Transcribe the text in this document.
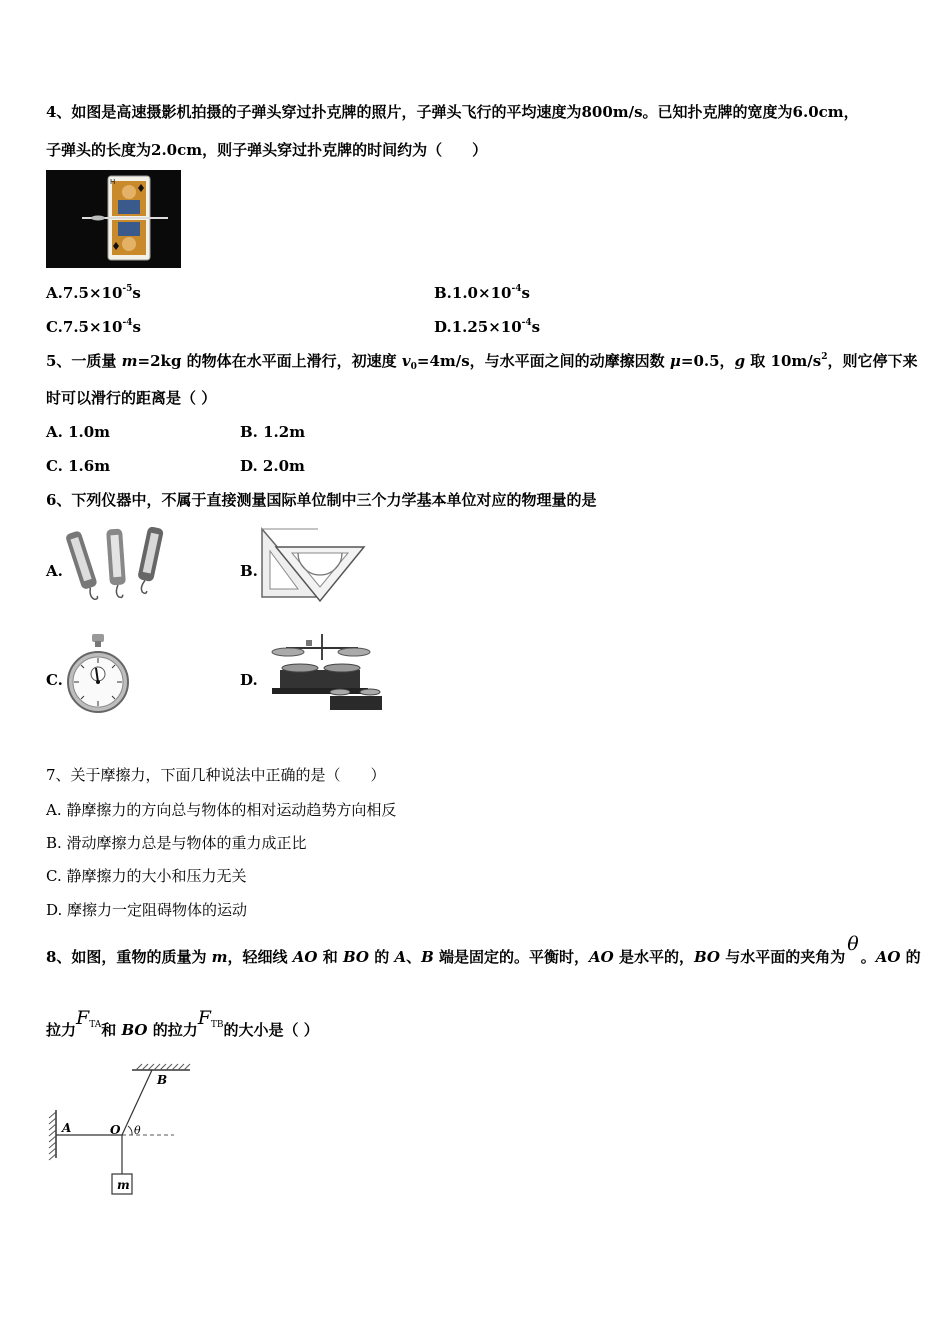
4、如图是高速摄影机拍摄的子弹头穿过扑克牌的照片，子弹头飞行的平均速度为800m/s。已知扑克牌的宽度为6.0cm，
子弹头的长度为2.0cm，则子弹头穿过扑克牌的时间约为（　　）
H
$A.7.5\times 10^{-5}s$	$B.1.0\times 10^{-4}s$
$C.7.5\times 10^{-4}s$	$D.1.25\times 10^{-4}s$
5、一质量 m=2kg 的物体在水平面上滑行，初速度 $v_0=4m/s$，与水平面之间的动摩擦因数 μ=0.5，g 取 $10m/s^2$，则它停下来
时可以滑行的距离是（ ）
A. 1.0m	B. 1.2m
C. 1.6m	D. 2.0m
6、下列仪器中，不属于直接测量国际单位制中三个力学基本单位对应的物理量的是
A.	B.
C.	D.
7、关于摩擦力，下面几种说法中正确的是（　　）
A. 静摩擦力的方向总与物体的相对运动趋势方向相反
B. 滑动摩擦力总是与物体的重力成正比
C. 静摩擦力的大小和压力无关
D. 摩擦力一定阻碍物体的运动
8、如图，重物的质量为 m，轻细线 AO 和 BO 的 A、B 端是固定的。平衡时，AO 是水平的，BO 与水平面的夹角为θ。AO 的
拉力$F_{TA}$和 BO 的拉力$F_{TB}$的大小是（ ）
A
B
O θ
m
